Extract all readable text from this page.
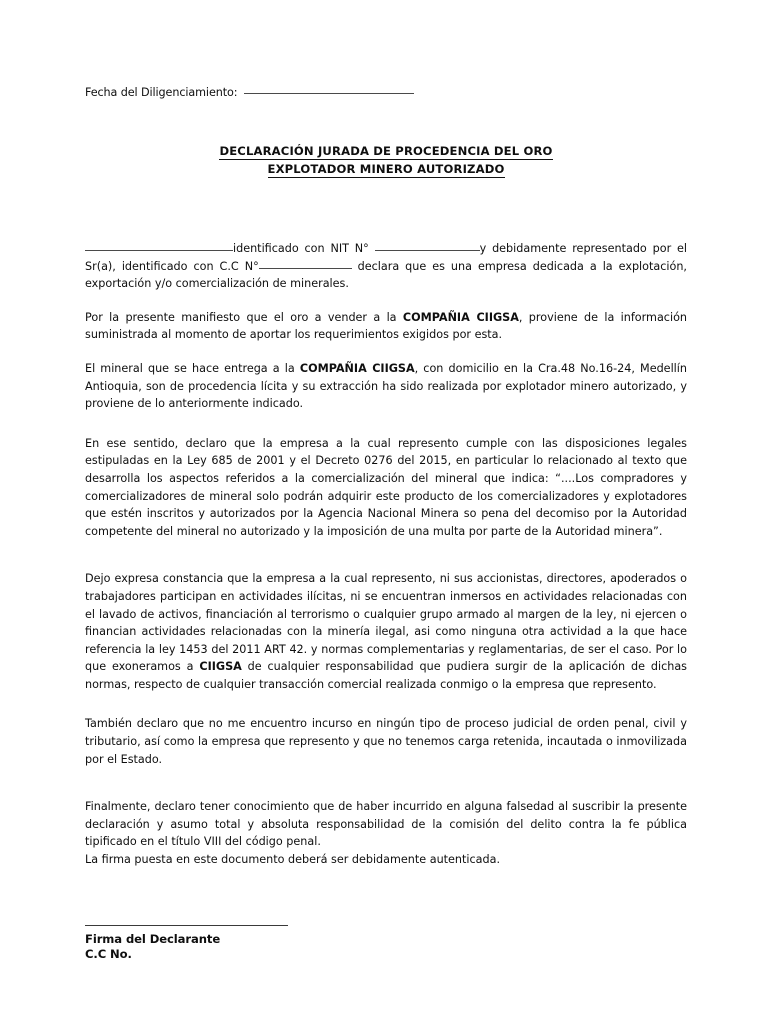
Fecha del Diligenciamiento:
DECLARACIÓN JURADA DE PROCEDENCIA DEL ORO
EXPLOTADOR MINERO AUTORIZADO

identificado con NIT N°	y debidamente representado por el Sr(a), identificado con C.C N°	declara que es una empresa dedicada a la explotación, exportación y/o comercialización de minerales.

Por la presente manifiesto que el oro a vender a la COMPAÑIA CIIGSA, proviene de la información suministrada al momento de aportar los requerimientos exigidos por esta.

El mineral que se hace entrega a la COMPAÑIA CIIGSA, con domicilio en la Cra.48 No.16-24, Medellín Antioquia, son de procedencia lícita y su extracción ha sido realizada por explotador minero autorizado, y proviene de lo anteriormente indicado.

En ese sentido, declaro que la empresa a la cual represento cumple con las disposiciones legales estipuladas en la Ley 685 de 2001 y el Decreto 0276 del 2015, en particular lo relacionado al texto que desarrolla los aspectos referidos a la comercialización del mineral que indica: “....Los compradores y comercializadores de mineral solo podrán adquirir este producto de los comercializadores y explotadores que estén inscritos y autorizados por la Agencia Nacional Minera so pena del decomiso por la Autoridad competente del mineral no autorizado y la imposición de una multa por parte de la Autoridad minera”.

Dejo expresa constancia que la empresa a la cual represento, ni sus accionistas, directores, apoderados o trabajadores participan en actividades ilícitas, ni se encuentran inmersos en actividades relacionadas con el lavado de activos, financiación al terrorismo o cualquier grupo armado al margen de la ley, ni ejercen o financian actividades relacionadas con la minería ilegal, asi como ninguna otra actividad a la que hace referencia la ley 1453 del 2011 ART 42. y normas complementarias y reglamentarias, de ser el caso. Por lo que exoneramos a CIIGSA de cualquier responsabilidad que pudiera surgir de la aplicación de dichas normas, respecto de cualquier transacción comercial realizada conmigo o la empresa que represento.

También declaro que no me encuentro incurso en ningún tipo de proceso judicial de orden penal, civil y tributario, así como la empresa que represento y que no tenemos carga retenida, incautada o inmovilizada por el Estado.

Finalmente, declaro tener conocimiento que de haber incurrido en alguna falsedad al suscribir la presente declaración y asumo total y absoluta responsabilidad de la comisión del delito contra la fe pública tipificado en el título VIII del código penal.

La firma puesta en este documento deberá ser debidamente autenticada.

Firma del Declarante
C.C No.
